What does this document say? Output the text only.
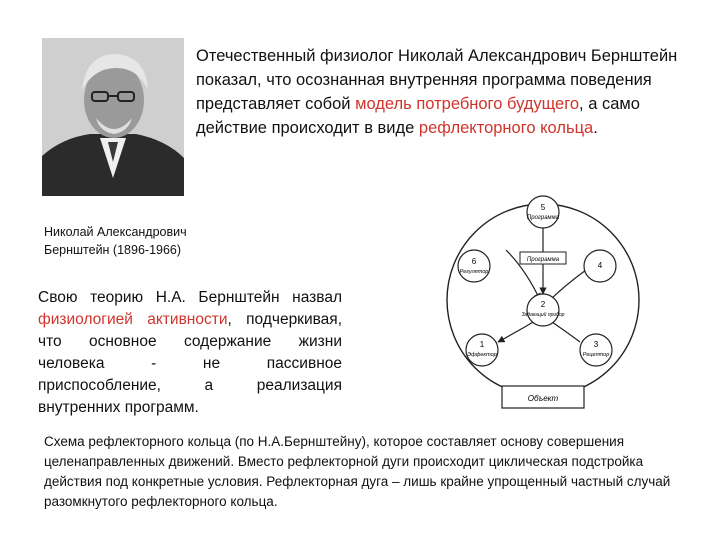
Отечественный физиолог Николай Александрович Бернштейн показал, что осознанная внутренняя программа поведения представляет собой модель потребного будущего, а само действие происходит в виде рефлекторного кольца.

Николай Александрович
Бернштейн (1896-1966)

Свою теорию Н.А. Бернштейн назвал физиологией активности, подчеркивая, что основное содержание жизни человека - не пассивное приспособление, а реализация внутренних программ.

Объект
5
Программа
4
6
Регулятор
2
Задающий прибор
1
Эффектор
3
Рецептор
Программа

Схема рефлекторного кольца (по Н.А.Бернштейну), которое составляет основу совершения целенаправленных движений. Вместо рефлекторной дуги происходит циклическая подстройка действия под конкретные условия. Рефлекторная дуга – лишь крайне упрощенный частный случай разомкнутого рефлекторного кольца.
